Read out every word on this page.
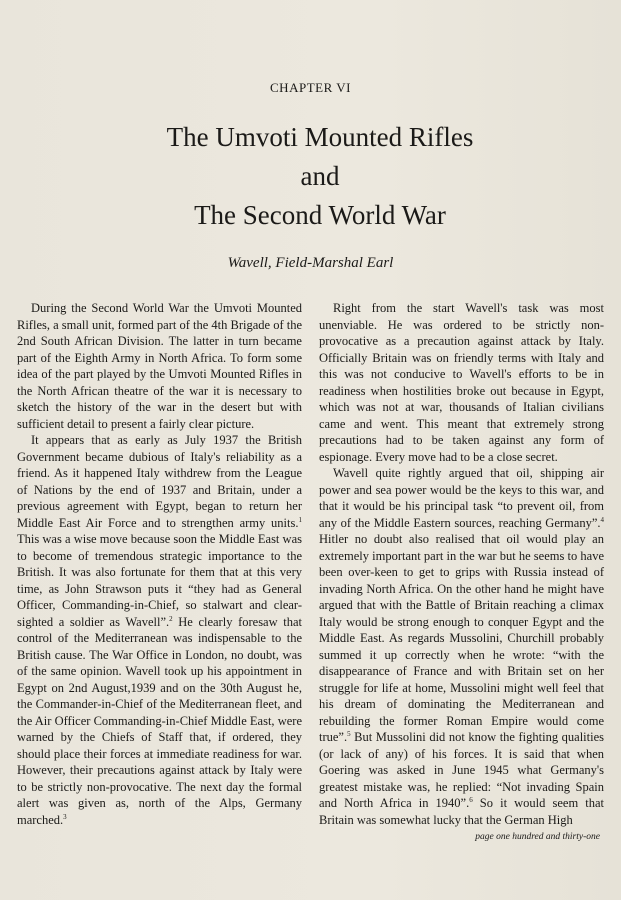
CHAPTER VI
The Umvoti Mounted Rifles
and
The Second World War
Wavell, Field-Marshal Earl

During the Second World War the Umvoti Mounted Rifles, a small unit, formed part of the 4th Brigade of the 2nd South African Division. The latter in turn became part of the Eighth Army in North Africa. To form some idea of the part played by the Umvoti Mounted Rifles in the North African theatre of the war it is necessary to sketch the history of the war in the desert but with sufficient detail to present a fairly clear picture.

It appears that as early as July 1937 the British Government became dubious of Italy's reliability as a friend. As it happened Italy withdrew from the League of Nations by the end of 1937 and Britain, under a previous agreement with Egypt, began to return her Middle East Air Force and to strengthen army units.$^1$ This was a wise move because soon the Middle East was to become of tremendous strategic importance to the British. It was also fortunate for them that at this very time, as John Strawson puts it “they had as General Officer, Commanding-in-Chief, so stalwart and clear-sighted a soldier as Wavell”.$^2$ He clearly foresaw that control of the Mediterranean was indispensable to the British cause. The War Office in London, no doubt, was of the same opinion. Wavell took up his appointment in Egypt on 2nd August,1939 and on the 30th August he, the Commander-in-Chief of the Mediterranean fleet, and the Air Officer Commanding-in-Chief Middle East, were warned by the Chiefs of Staff that, if ordered, they should place their forces at immediate readiness for war. However, their precautions against attack by Italy were to be strictly non-provocative. The next day the formal alert was given as, north of the Alps, Germany marched.$^3$

Right from the start Wavell's task was most unenviable. He was ordered to be strictly non-provocative as a precaution against attack by Italy. Officially Britain was on friendly terms with Italy and this was not conducive to Wavell's efforts to be in readiness when hostilities broke out because in Egypt, which was not at war, thousands of Italian civilians came and went. This meant that extremely strong precautions had to be taken against any form of espionage. Every move had to be a close secret.

Wavell quite rightly argued that oil, shipping air power and sea power would be the keys to this war, and that it would be his principal task “to prevent oil, from any of the Middle Eastern sources, reaching Germany”.$^4$ Hitler no doubt also realised that oil would play an extremely important part in the war but he seems to have been over-keen to get to grips with Russia instead of invading North Africa. On the other hand he might have argued that with the Battle of Britain reaching a climax Italy would be strong enough to conquer Egypt and the Middle East. As regards Mussolini, Churchill probably summed it up correctly when he wrote: “with the disappearance of France and with Britain set on her struggle for life at home, Mussolini might well feel that his dream of dominating the Mediterranean and rebuilding the former Roman Empire would come true”.$^5$ But Mussolini did not know the fighting qualities (or lack of any) of his forces. It is said that when Goering was asked in June 1945 what Germany's greatest mistake was, he replied: “Not invading Spain and North Africa in 1940”.$^6$ So it would seem that Britain was somewhat lucky that the German High

page one hundred and thirty-one
